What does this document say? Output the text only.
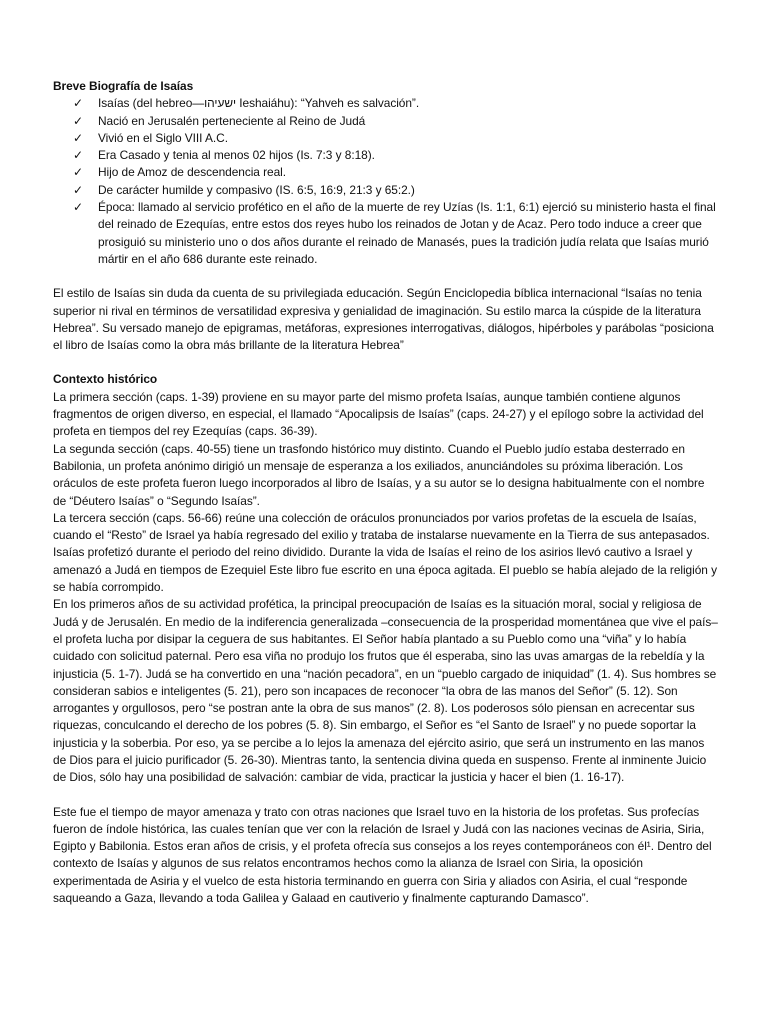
Breve Biografía de Isaías

✓	Isaías (del hebreo—ישעיהו Ieshaiáhu): “Yahveh es salvación”.
✓	Nació en Jerusalén perteneciente al Reino de Judá
✓	Vivió en el Siglo VIII A.C.
✓	Era Casado y tenia al menos 02 hijos (Is. 7:3 y 8:18).
✓	Hijo de Amoz de descendencia real.
✓	De carácter humilde y compasivo (IS. 6:5, 16:9, 21:3 y 65:2.)
✓	Época: llamado al servicio profético en el año de la muerte de rey Uzías (Is. 1:1, 6:1) ejerció su ministerio hasta el final del reinado de Ezequías, entre estos dos reyes hubo los reinados de Jotan y de Acaz. Pero todo induce a creer que prosiguió su ministerio uno o dos años durante el reinado de Manasés, pues la tradición judía relata que Isaías murió mártir en el año 686 durante este reinado.

El estilo de Isaías sin duda da cuenta de su privilegiada educación. Según Enciclopedia bíblica internacional “Isaías no tenia superior ni rival en términos de versatilidad expresiva y genialidad de imaginación. Su estilo marca la cúspide de la literatura Hebrea”. Su versado manejo de epigramas, metáforas, expresiones interrogativas, diálogos, hipérboles y parábolas “posiciona el libro de Isaías como la obra más brillante de la literatura Hebrea”

Contexto histórico

La primera sección (caps. 1-39) proviene en su mayor parte del mismo profeta Isaías, aunque también contiene algunos fragmentos de origen diverso, en especial, el llamado “Apocalipsis de Isaías” (caps. 24-27) y el epílogo sobre la actividad del profeta en tiempos del rey Ezequías (caps. 36-39).

La segunda sección (caps. 40-55) tiene un trasfondo histórico muy distinto. Cuando el Pueblo judío estaba desterrado en Babilonia, un profeta anónimo dirigió un mensaje de esperanza a los exiliados, anunciándoles su próxima liberación. Los oráculos de este profeta fueron luego incorporados al libro de Isaías, y a su autor se lo designa habitualmente con el nombre de “Déutero Isaías” o “Segundo Isaías”.

La tercera sección (caps. 56-66) reúne una colección de oráculos pronunciados por varios profetas de la escuela de Isaías, cuando el “Resto” de Israel ya había regresado del exilio y trataba de instalarse nuevamente en la Tierra de sus antepasados.

Isaías profetizó durante el periodo del reino dividido. Durante la vida de Isaías el reino de los asirios llevó cautivo a Israel y amenazó a Judá en tiempos de Ezequiel Este libro fue escrito en una época agitada. El pueblo se había alejado de la religión y se había corrompido.

En los primeros años de su actividad profética, la principal preocupación de Isaías es la situación moral, social y religiosa de Judá y de Jerusalén. En medio de la indiferencia generalizada –consecuencia de la prosperidad momentánea que vive el país– el profeta lucha por disipar la ceguera de sus habitantes. El Señor había plantado a su Pueblo como una “viña” y lo había cuidado con solicitud paternal. Pero esa viña no produjo los frutos que él esperaba, sino las uvas amargas de la rebeldía y la injusticia (5. 1-7). Judá se ha convertido en una “nación pecadora”, en un “pueblo cargado de iniquidad” (1. 4). Sus hombres se consideran sabios e inteligentes (5. 21), pero son incapaces de reconocer “la obra de las manos del Señor” (5. 12). Son arrogantes y orgullosos, pero “se postran ante la obra de sus manos” (2. 8). Los poderosos sólo piensan en acrecentar sus riquezas, conculcando el derecho de los pobres (5. 8). Sin embargo, el Señor es “el Santo de Israel” y no puede soportar la injusticia y la soberbia. Por eso, ya se percibe a lo lejos la amenaza del ejército asirio, que será un instrumento en las manos de Dios para el juicio purificador (5. 26-30). Mientras tanto, la sentencia divina queda en suspenso. Frente al inminente Juicio de Dios, sólo hay una posibilidad de salvación: cambiar de vida, practicar la justicia y hacer el bien (1. 16-17).

Este fue el tiempo de mayor amenaza y trato con otras naciones que Israel tuvo en la historia de los profetas. Sus profecías fueron de índole histórica, las cuales tenían que ver con la relación de Israel y Judá con las naciones vecinas de Asiria, Siria, Egipto y Babilonia. Estos eran años de crisis, y el profeta ofrecía sus consejos a los reyes contemporáneos con él¹. Dentro del contexto de Isaías y algunos de sus relatos encontramos hechos como la alianza de Israel con Siria, la oposición experimentada de Asiria y el vuelco de esta historia terminando en guerra con Siria y aliados con Asiria, el cual “responde saqueando a Gaza, llevando a toda Galilea y Galaad en cautiverio y finalmente capturando Damasco”.
